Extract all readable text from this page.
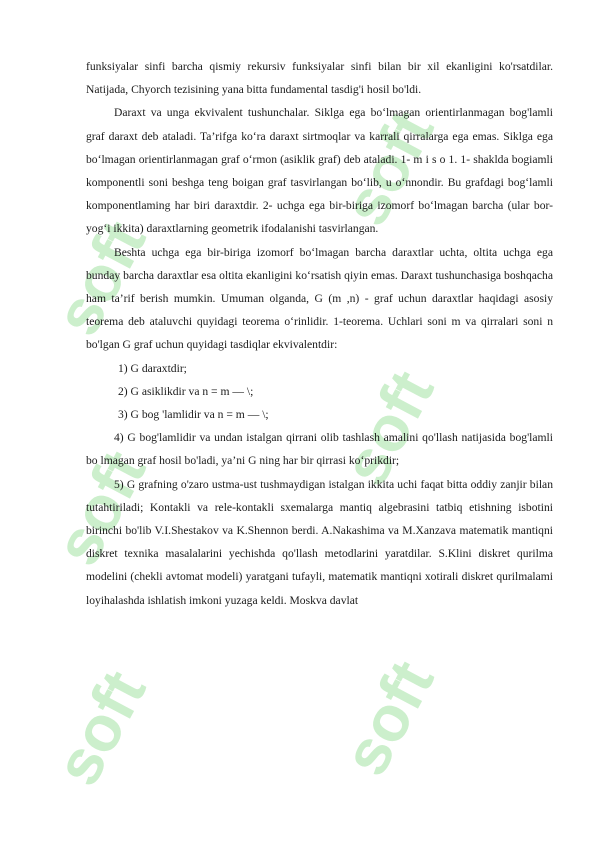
soft
soft
soft
soft
soft
soft

funksiyalar sinfi barcha qismiy rekursiv funksiyalar sinfi bilan bir xil ekanligini ko'rsatdilar. Natijada, Chyorch tezisining yana bitta fundamental tasdig'i hosil bo'ldi.

Daraxt va unga ekvivalent tushunchalar. Siklga ega bo‘lmagan orientirlanmagan bog'lamli graf daraxt deb ataladi. Ta’rifga ko‘ra daraxt sirtmoqlar va karrali qirralarga ega emas. Siklga ega bo‘lmagan orientirlanmagan graf o‘rmon (asiklik graf) deb ataladi. 1- m i s o 1. 1- shaklda bogiamli komponentli soni beshga teng boigan graf tasvirlangan bo‘lib, u o‘nnondir. Bu grafdagi bog‘lamli komponentlaming har biri daraxtdir. 2- uchga ega bir-biriga izomorf bo‘lmagan barcha (ular bor-yog‘i ikkita) daraxtlarning geometrik ifodalanishi tasvirlangan.

Beshta uchga ega bir-biriga izomorf bo‘lmagan barcha daraxtlar uchta, oltita uchga ega bunday barcha daraxtlar esa oltita ekanligini ko‘rsatish qiyin emas. Daraxt tushunchasiga boshqacha ham ta’rif berish mumkin. Umuman olganda, G (m ,n) - graf uchun daraxtlar haqidagi asosiy teorema deb ataluvchi quyidagi teorema o‘rinlidir. 1-teorema. Uchlari soni m va qirralari soni n bo'lgan G graf uchun quyidagi tasdiqlar ekvivalentdir:

1) G daraxtdir;

2) G asiklikdir va n = m — \;

3) G bog 'lamlidir va n = m — \;

4) G bog'lamlidir va undan istalgan qirrani olib tashlash amalini qo'llash natijasida bog'lamli bo lmagan graf hosil bo'ladi, ya’ni G ning har bir qirrasi ko‘prikdir;

5) G grafning o'zaro ustma-ust tushmaydigan istalgan ikkita uchi faqat bitta oddiy zanjir bilan tutahtiriladi; Kontakli va rele-kontakli sxemalarga mantiq algebrasini tatbiq etishning isbotini birinchi bo'lib V.I.Shestakov va K.Shennon berdi. A.Nakashima va M.Xanzava matematik mantiqni diskret texnika masalalarini yechishda qo'llash metodlarini yaratdilar. S.Klini diskret qurilma modelini (chekli avtomat modeli) yaratgani tufayli, matematik mantiqni xotirali diskret qurilmalami loyihalashda ishlatish imkoni yuzaga keldi. Moskva davlat
